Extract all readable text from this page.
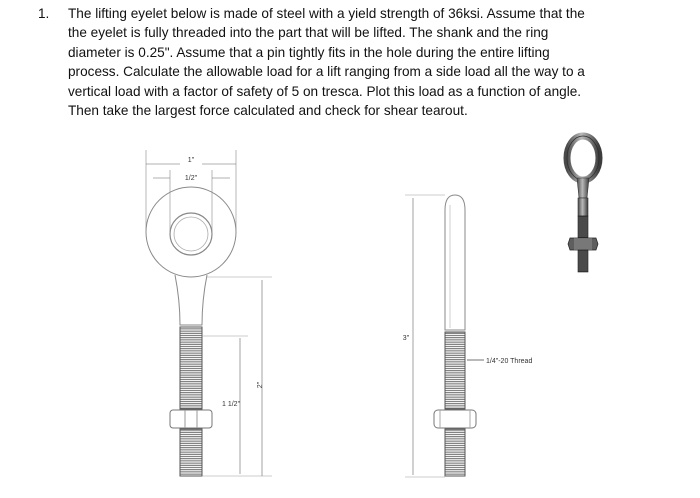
1. The lifting eyelet below is made of steel with a yield strength of 36ksi. Assume that the
the eyelet is fully threaded into the part that will be lifted. The shank and the ring
diameter is 0.25". Assume that a pin tightly fits in the hole during the entire lifting
process. Calculate the allowable load for a lift ranging from a side load all the way to a
vertical load with a factor of safety of 5 on tresca. Plot this load as a function of angle.
Then take the largest force calculated and check for shear tearout.
1"
1/2"
2"
1 1/2"
3"
1/4"-20 Thread
